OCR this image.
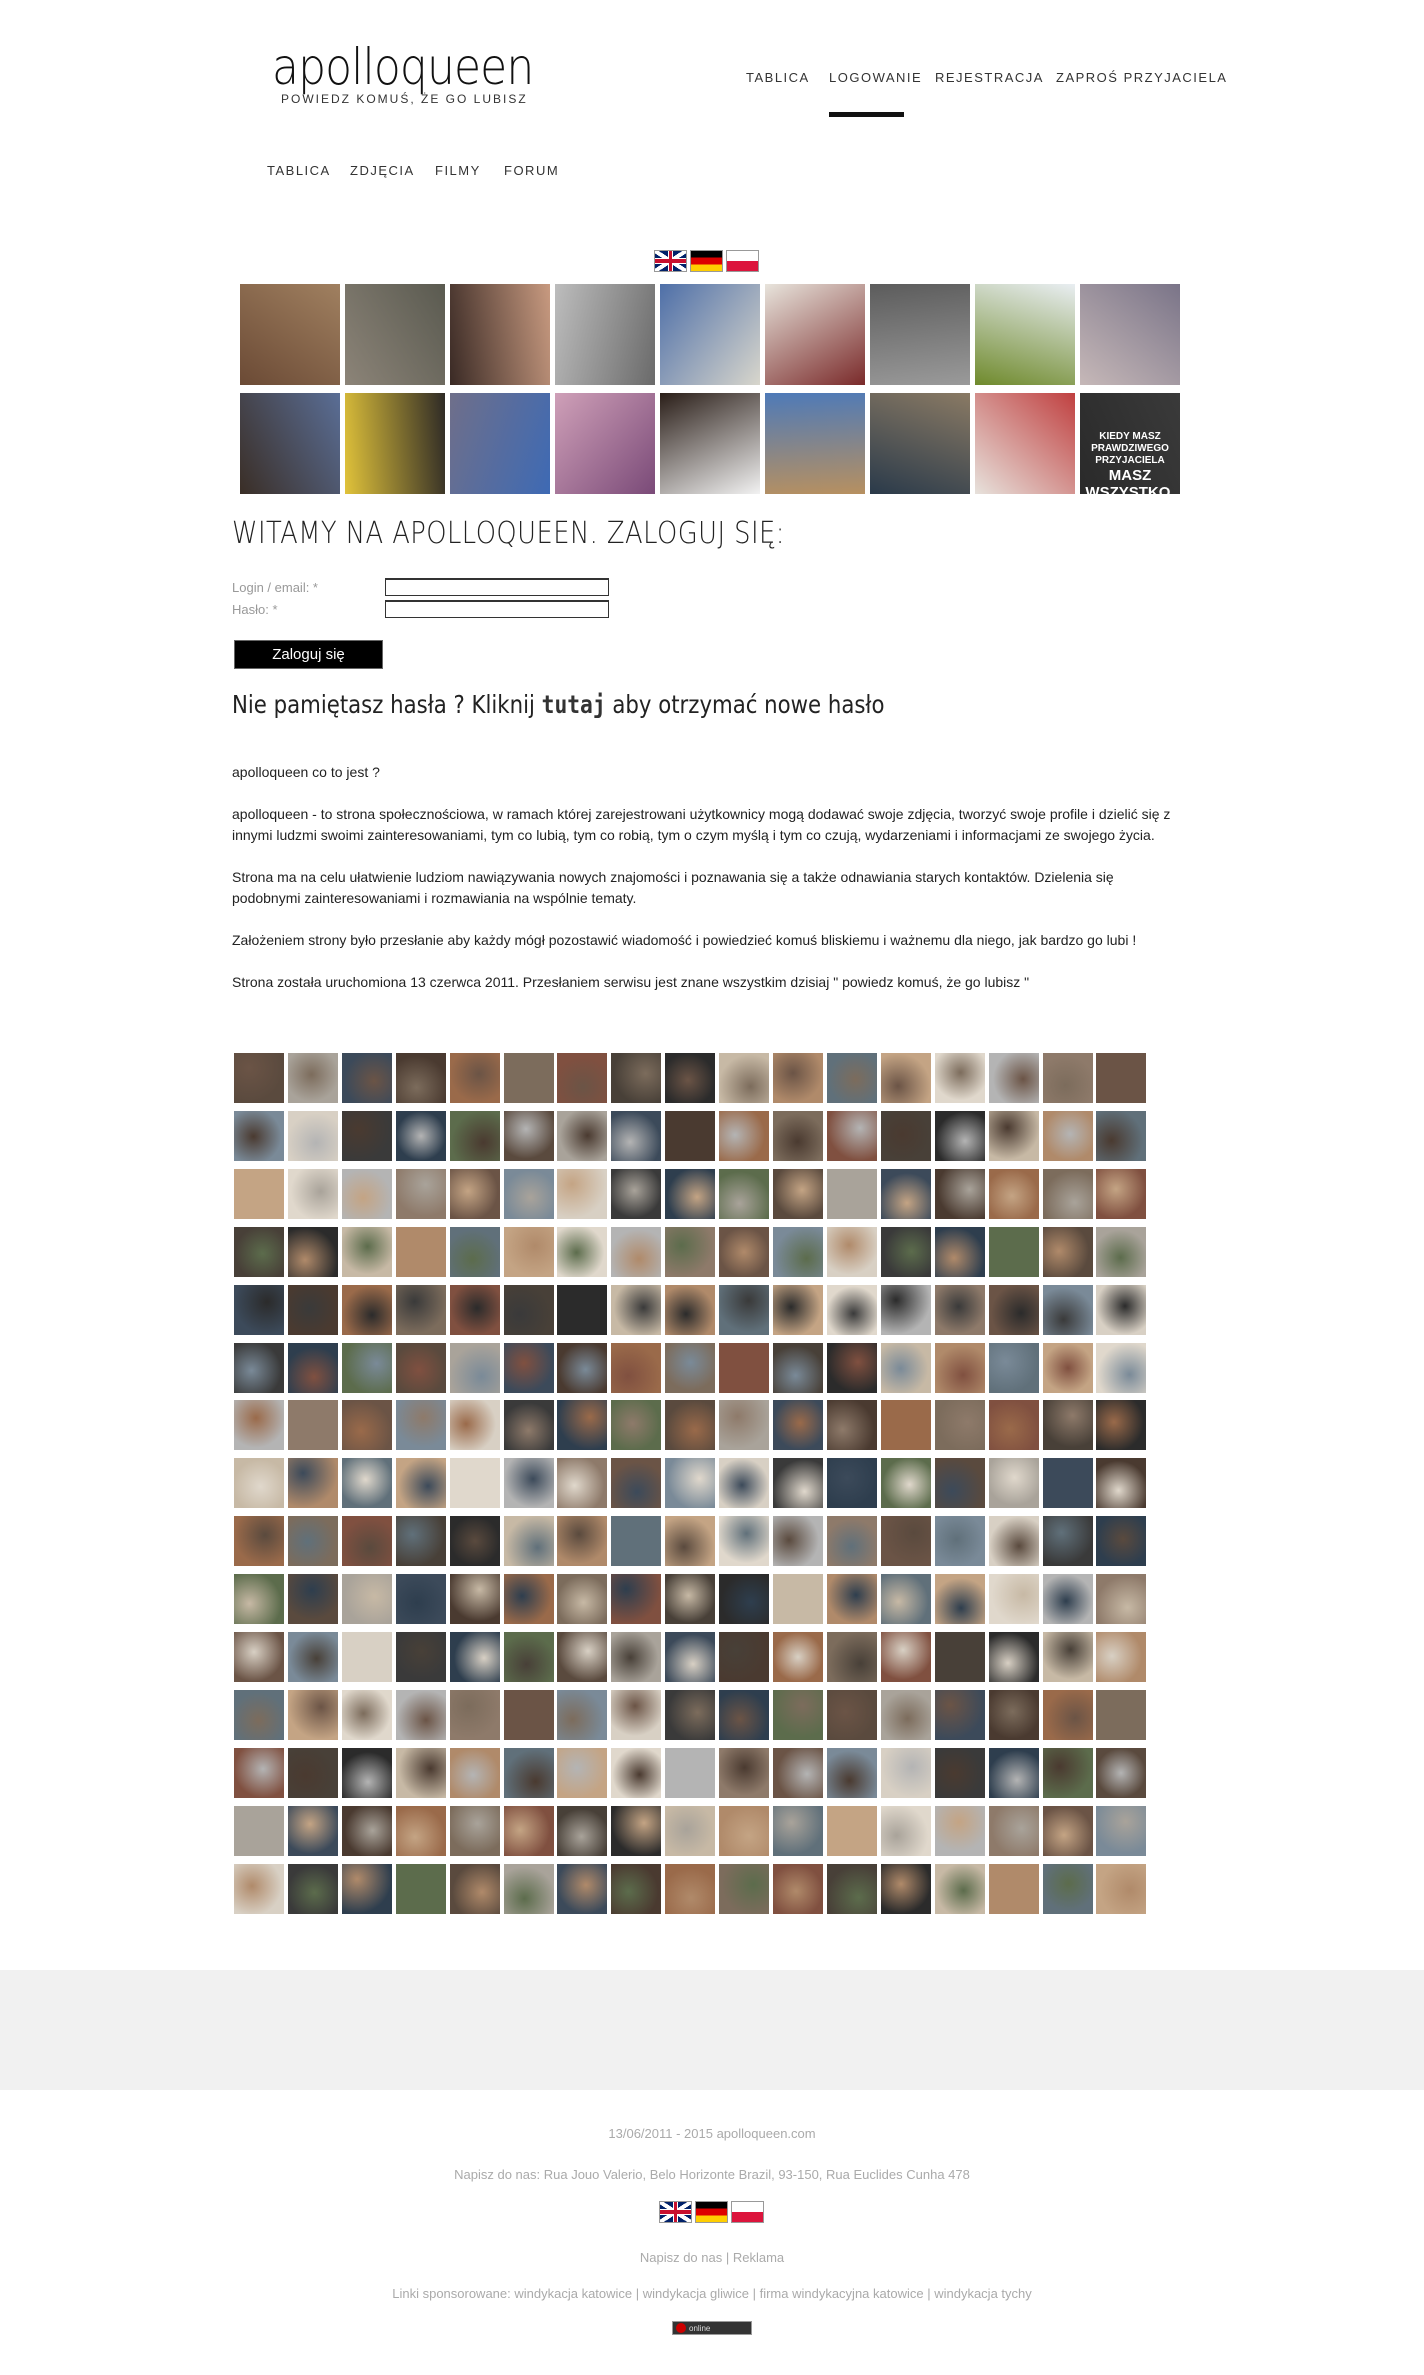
apolloqueen
POWIEDZ KOMUŚ, ŻE GO LUBISZ
TABLICA LOGOWANIE REJESTRACJA ZAPROŚ PRZYJACIELA
TABLICA ZDJĘCIA FILMY FORUM
KIEDY MASZ PRAWDZIWEGO PRZYJACIELA
MASZ WSZYSTKO.
WITAMY NA APOLLOQUEEN. ZALOGUJ SIĘ:
Login / email: *
Hasło: *
Zaloguj się
Nie pamiętasz hasła ? Kliknij tutaj aby otrzymać nowe hasło

apolloqueen co to jest ?

apolloqueen - to strona społecznościowa, w ramach której zarejestrowani użytkownicy mogą dodawać swoje zdjęcia, tworzyć swoje profile i dzielić się z innymi ludzmi swoimi zainteresowaniami, tym co lubią, tym co robią, tym o czym myślą i tym co czują, wydarzeniami i informacjami ze swojego życia.

Strona ma na celu ułatwienie ludziom nawiązywania nowych znajomości i poznawania się a także odnawiania starych kontaktów. Dzielenia się podobnymi zainteresowaniami i rozmawiania na wspólnie tematy.

Założeniem strony było przesłanie aby każdy mógł pozostawić wiadomość i powiedzieć komuś bliskiemu i ważnemu dla niego, jak bardzo go lubi !

Strona została uruchomiona 13 czerwca 2011. Przesłaniem serwisu jest znane wszystkim dzisiaj " powiedz komuś, że go lubisz "

13/06/2011 - 2015 apolloqueen.com
Napisz do nas: Rua Jouo Valerio, Belo Horizonte Brazil, 93-150, Rua Euclides Cunha 478
Napisz do nas | Reklama
Linki sponsorowane: windykacja katowice | windykacja gliwice | firma windykacyjna katowice | windykacja tychy
online
